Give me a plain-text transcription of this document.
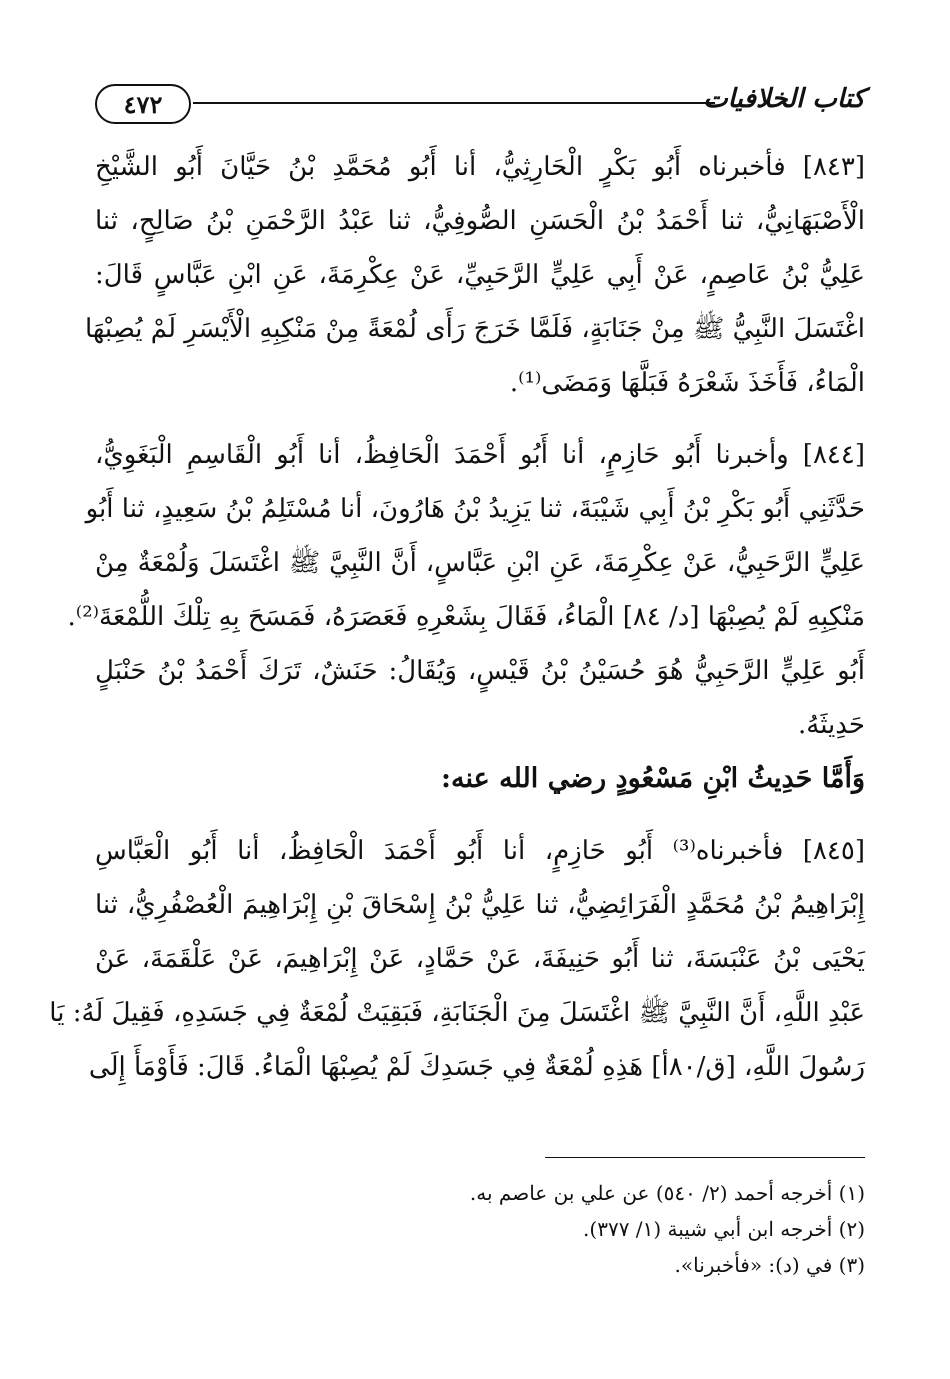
٤٧٢	كتاب الخلافيات
[٨٤٣] فأخبرناه أَبُو بَكْرٍ الْحَارِثِيُّ، أنا أَبُو مُحَمَّدِ بْنُ حَيَّانَ أَبُو الشَّيْخِ
الْأَصْبَهَانِيُّ، ثنا أَحْمَدُ بْنُ الْحَسَنِ الصُّوفِيُّ، ثنا عَبْدُ الرَّحْمَنِ بْنُ صَالِحٍ، ثنا
عَلِيُّ بْنُ عَاصِمٍ، عَنْ أَبِي عَلِيٍّ الرَّحَبِيِّ، عَنْ عِكْرِمَةَ، عَنِ ابْنِ عَبَّاسٍ قَالَ:
اغْتَسَلَ النَّبِيُّ ﷺ مِنْ جَنَابَةٍ، فَلَمَّا خَرَجَ رَأَى لُمْعَةً مِنْ مَنْكِبِهِ الْأَيْسَرِ لَمْ يُصِبْهَا
الْمَاءُ، فَأَخَذَ شَعْرَهُ فَبَلَّهَا وَمَضَى⁽¹⁾.
[٨٤٤] وأخبرنا أَبُو حَازِمٍ، أنا أَبُو أَحْمَدَ الْحَافِظُ، أنا أَبُو الْقَاسِمِ الْبَغَوِيُّ،
حَدَّثَنِي أَبُو بَكْرِ بْنُ أَبِي شَيْبَةَ، ثنا يَزِيدُ بْنُ هَارُونَ، أنا مُسْتَلِمُ بْنُ سَعِيدٍ، ثنا أَبُو
عَلِيٍّ الرَّحَبِيُّ، عَنْ عِكْرِمَةَ، عَنِ ابْنِ عَبَّاسٍ، أَنَّ النَّبِيَّ ﷺ اغْتَسَلَ وَلُمْعَةٌ مِنْ
مَنْكِبِهِ لَمْ يُصِبْهَا [د/ ٨٤] الْمَاءُ، فَقَالَ بِشَعْرِهِ فَعَصَرَهُ، فَمَسَحَ بِهِ تِلْكَ اللُّمْعَةَ⁽²⁾.
أَبُو عَلِيٍّ الرَّحَبِيُّ هُوَ حُسَيْنُ بْنُ قَيْسٍ، وَيُقَالُ: حَنَشٌ، تَرَكَ أَحْمَدُ بْنُ حَنْبَلٍ
حَدِيثَهُ.
وَأَمَّا حَدِيثُ ابْنِ مَسْعُودٍ رضي الله عنه:
[٨٤٥] فأخبرناه⁽³⁾ أَبُو حَازِمٍ، أنا أَبُو أَحْمَدَ الْحَافِظُ، أنا أَبُو الْعَبَّاسِ
إِبْرَاهِيمُ بْنُ مُحَمَّدٍ الْفَرَائِضِيُّ، ثنا عَلِيُّ بْنُ إِسْحَاقَ بْنِ إِبْرَاهِيمَ الْعُصْفُرِيُّ، ثنا
يَحْيَى بْنُ عَنْبَسَةَ، ثنا أَبُو حَنِيفَةَ، عَنْ حَمَّادٍ، عَنْ إِبْرَاهِيمَ، عَنْ عَلْقَمَةَ، عَنْ
عَبْدِ اللَّهِ، أَنَّ النَّبِيَّ ﷺ اغْتَسَلَ مِنَ الْجَنَابَةِ، فَبَقِيَتْ لُمْعَةٌ فِي جَسَدِهِ، فَقِيلَ لَهُ: يَا
رَسُولَ اللَّهِ، [ق/٨٠أ] هَذِهِ لُمْعَةٌ فِي جَسَدِكَ لَمْ يُصِبْهَا الْمَاءُ. قَالَ: فَأَوْمَأَ إِلَى
(١) أخرجه أحمد (٢/ ٥٤٠) عن علي بن عاصم به.
(٢) أخرجه ابن أبي شيبة (١/ ٣٧٧).
(٣) في (د): «فأخبرنا».
